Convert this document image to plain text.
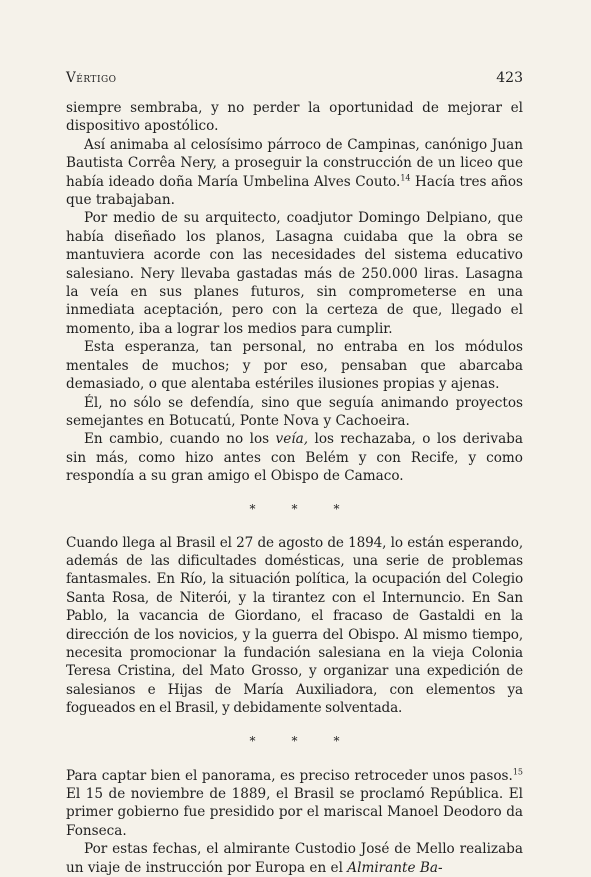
Vértigo	423

siempre sembraba, y no perder la oportunidad de mejorar el dispositivo apostólico.

Así animaba al celosísimo párroco de Campinas, canónigo Juan Bautista Corrêa Nery, a proseguir la construcción de un liceo que había ideado doña María Umbelina Alves Couto.$^{14}$ Hacía tres años que trabajaban.

Por medio de su arquitecto, coadjutor Domingo Delpiano, que había diseñado los planos, Lasagna cuidaba que la obra se mantuviera acorde con las necesidades del sistema educativo salesiano. Nery llevaba gastadas más de 250.000 liras. Lasagna la veía en sus planes futuros, sin comprometerse en una inmediata aceptación, pero con la certeza de que, llegado el momento, iba a lograr los medios para cumplir.

Esta esperanza, tan personal, no entraba en los módulos mentales de muchos; y por eso, pensaban que abarcaba demasiado, o que alentaba estériles ilusiones propias y ajenas.

Él, no sólo se defendía, sino que seguía animando proyectos semejantes en Botucatú, Ponte Nova y Cachoeira.

En cambio, cuando no los veía, los rechazaba, o los derivaba sin más, como hizo antes con Belém y con Recife, y como respondía a su gran amigo el Obispo de Camaco.

*	*	*

Cuando llega al Brasil el 27 de agosto de 1894, lo están esperando, además de las dificultades domésticas, una serie de problemas fantasmales. En Río, la situación política, la ocupación del Colegio Santa Rosa, de Niterói, y la tirantez con el Internuncio. En San Pablo, la vacancia de Giordano, el fracaso de Gastaldi en la dirección de los novicios, y la guerra del Obispo. Al mismo tiempo, necesita promocionar la fundación salesiana en la vieja Colonia Teresa Cristina, del Mato Grosso, y organizar una expedición de salesianos e Hijas de María Auxiliadora, con elementos ya fogueados en el Brasil, y debidamente solventada.

*	*	*

Para captar bien el panorama, es preciso retroceder unos pasos.$^{15}$ El 15 de noviembre de 1889, el Brasil se proclamó República. El primer gobierno fue presidido por el mariscal Manoel Deodoro da Fonseca.

Por estas fechas, el almirante Custodio José de Mello realizaba un viaje de instrucción por Europa en el Almirante Ba-
